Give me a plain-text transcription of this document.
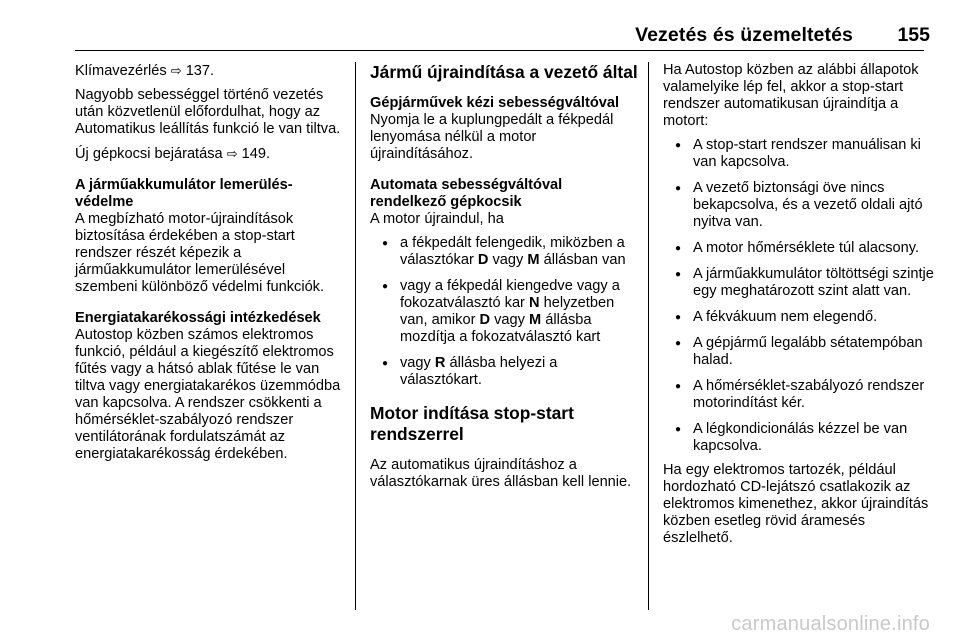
Vezetés és üzemeltetés	155

Klímavezérlés ⇨ 137.

Nagyobb sebességgel történő vezetés után közvetlenül előfordulhat, hogy az Automatikus leállítás funkció le van tiltva.

Új gépkocsi bejáratása ⇨ 149.

A járműakkumulátor lemerülés-védelme

A megbízható motor-újraindítások biztosítása érdekében a stop-start rendszer részét képezik a járműakkumulátor lemerülésével szembeni különböző védelmi funkciók.

Energiatakarékossági intézkedések

Autostop közben számos elektromos funkció, például a kiegészítő elektromos fűtés vagy a hátsó ablak fűtése le van tiltva vagy energiatakarékos üzemmódba van kapcsolva. A rendszer csökkenti a hőmérséklet-szabályozó rendszer ventilátorának fordulatszámát az energiatakarékosság érdekében.

Jármű újraindítása a vezető által

Gépjárművek kézi sebességváltóval

Nyomja le a kuplungpedált a fékpedál lenyomása nélkül a motor újraindításához.

Automata sebességváltóval rendelkező gépkocsik

A motor újraindul, ha

● a fékpedált felengedik, miközben a választókar D vagy M állásban van
● vagy a fékpedál kiengedve vagy a fokozatválasztó kar N helyzetben van, amikor D vagy M állásba mozdítja a fokozatválasztó kart
● vagy R állásba helyezi a választókart.

Motor indítása stop-start rendszerrel

Az automatikus újraindításhoz a választókarnak üres állásban kell lennie.

Ha Autostop közben az alábbi állapotok valamelyike lép fel, akkor a stop-start rendszer automatikusan újraindítja a motort:

● A stop-start rendszer manuálisan ki van kapcsolva.
● A vezető biztonsági öve nincs bekapcsolva, és a vezető oldali ajtó nyitva van.
● A motor hőmérséklete túl alacsony.
● A járműakkumulátor töltöttségi szintje egy meghatározott szint alatt van.
● A fékvákuum nem elegendő.
● A gépjármű legalább sétatempóban halad.
● A hőmérséklet-szabályozó rendszer motorindítást kér.
● A légkondicionálás kézzel be van kapcsolva.

Ha egy elektromos tartozék, például hordozható CD-lejátszó csatlakozik az elektromos kimenethez, akkor újraindítás közben esetleg rövid áramesés észlelhető.

carmanualsonline.info
